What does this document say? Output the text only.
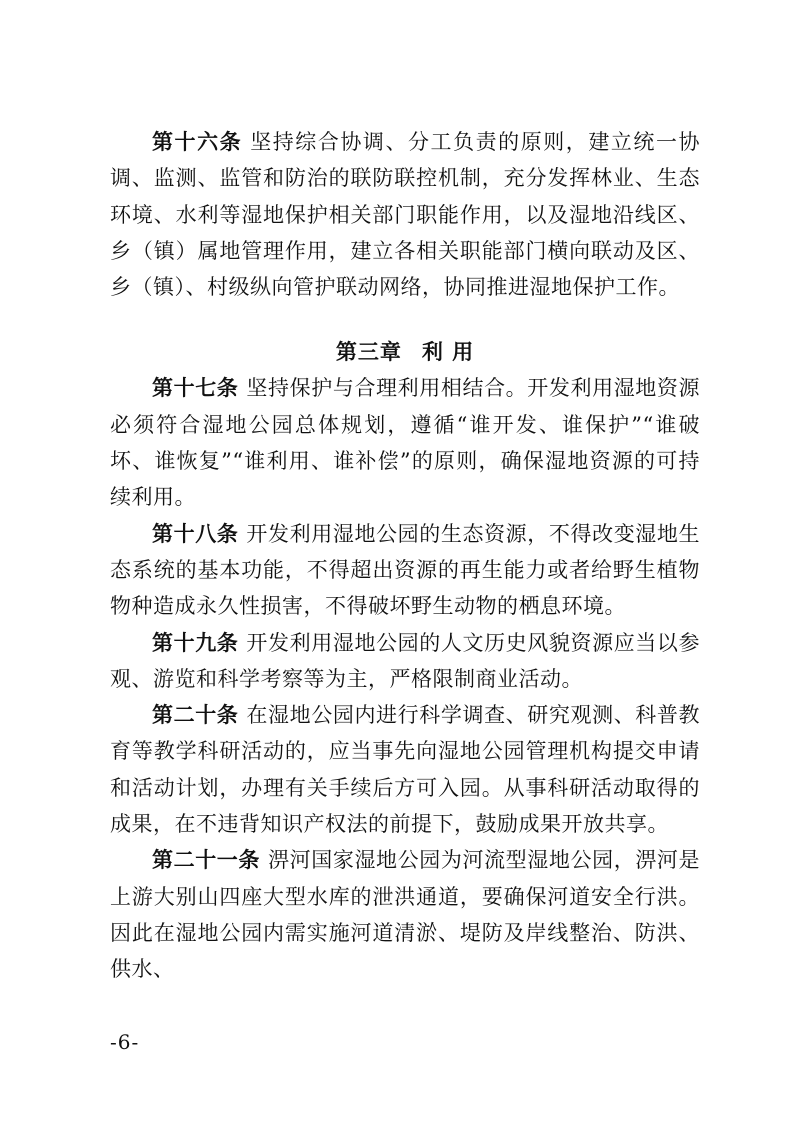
第十六条 坚持综合协调、分工负责的原则，建立统一协调、监测、监管和防治的联防联控机制，充分发挥林业、生态环境、水利等湿地保护相关部门职能作用，以及湿地沿线区、乡（镇）属地管理作用，建立各相关职能部门横向联动及区、乡（镇）、村级纵向管护联动网络，协同推进湿地保护工作。

第三章 利 用

第十七条 坚持保护与合理利用相结合。开发利用湿地资源必须符合湿地公园总体规划，遵循“谁开发、谁保护”“谁破坏、谁恢复”“谁利用、谁补偿”的原则，确保湿地资源的可持续利用。

第十八条 开发利用湿地公园的生态资源，不得改变湿地生态系统的基本功能，不得超出资源的再生能力或者给野生植物物种造成永久性损害，不得破坏野生动物的栖息环境。

第十九条 开发利用湿地公园的人文历史风貌资源应当以参观、游览和科学考察等为主，严格限制商业活动。

第二十条 在湿地公园内进行科学调查、研究观测、科普教育等教学科研活动的，应当事先向湿地公园管理机构提交申请和活动计划，办理有关手续后方可入园。从事科研活动取得的成果，在不违背知识产权法的前提下，鼓励成果开放共享。

第二十一条 淠河国家湿地公园为河流型湿地公园，淠河是上游大别山四座大型水库的泄洪通道，要确保河道安全行洪。因此在湿地公园内需实施河道清淤、堤防及岸线整治、防洪、供水、

-6-
